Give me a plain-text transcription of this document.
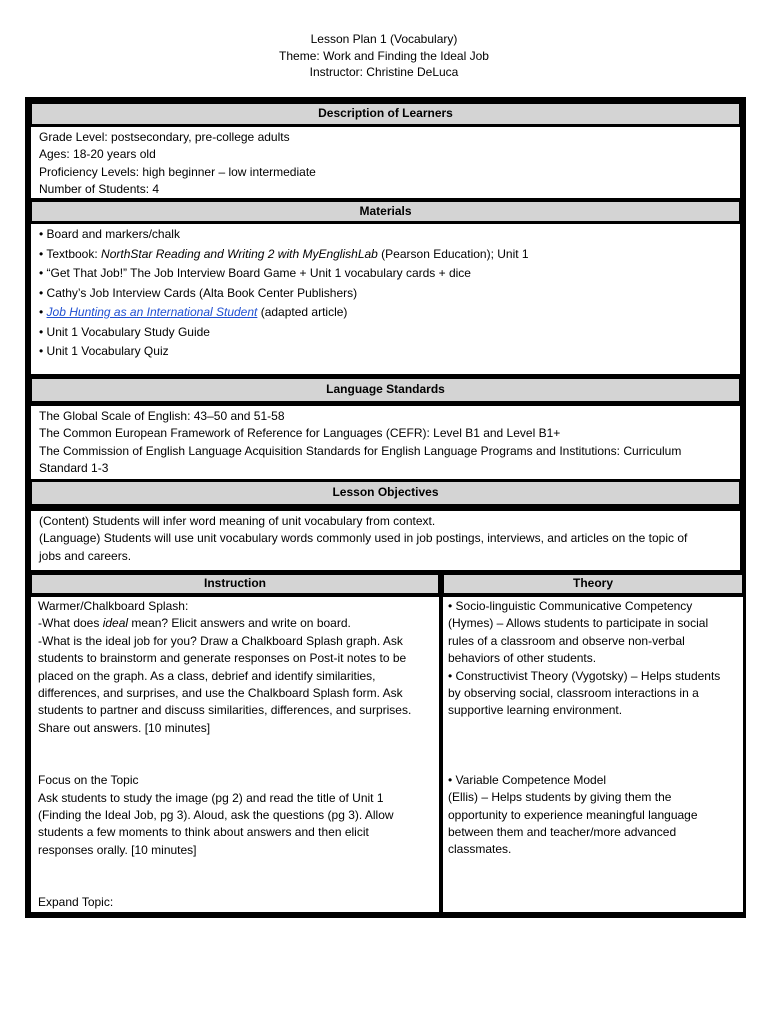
Lesson Plan 1 (Vocabulary)
Theme: Work and Finding the Ideal Job
Instructor: Christine DeLuca
Description of Learners
Grade Level: postsecondary, pre-college adults
Ages: 18-20 years old
Proficiency Levels: high beginner – low intermediate
Number of Students: 4
Materials
• Board and markers/chalk
• Textbook: NorthStar Reading and Writing 2 with MyEnglishLab (Pearson Education); Unit 1
• “Get That Job!” The Job Interview Board Game + Unit 1 vocabulary cards + dice
• Cathy’s Job Interview Cards (Alta Book Center Publishers)
• Job Hunting as an International Student (adapted article)
• Unit 1 Vocabulary Study Guide
• Unit 1 Vocabulary Quiz
Language Standards
The Global Scale of English: 43–50 and 51-58
The Common European Framework of Reference for Languages (CEFR): Level B1 and Level B1+
The Commission of English Language Acquisition Standards for English Language Programs and Institutions: Curriculum
Standard 1-3
Lesson Objectives
(Content) Students will infer word meaning of unit vocabulary from context.
(Language) Students will use unit vocabulary words commonly used in job postings, interviews, and articles on the topic of
jobs and careers.
Instruction	Theory
Warmer/Chalkboard Splash:
-What does ideal mean? Elicit answers and write on board.
-What is the ideal job for you? Draw a Chalkboard Splash graph. Ask
students to brainstorm and generate responses on Post-it notes to be
placed on the graph. As a class, debrief and identify similarities,
differences, and surprises, and use the Chalkboard Splash form. Ask
students to partner and discuss similarities, differences, and surprises.
Share out answers. [10 minutes]
Focus on the Topic
Ask students to study the image (pg 2) and read the title of Unit 1
(Finding the Ideal Job, pg 3). Aloud, ask the questions (pg 3). Allow
students a few moments to think about answers and then elicit
responses orally. [10 minutes]
Expand Topic:
• Socio-linguistic Communicative Competency
(Hymes) – Allows students to participate in social
rules of a classroom and observe non-verbal
behaviors of other students.
• Constructivist Theory (Vygotsky) – Helps students
by observing social, classroom interactions in a
supportive learning environment.
• Variable Competence Model
(Ellis) – Helps students by giving them the
opportunity to experience meaningful language
between them and teacher/more advanced
classmates.
